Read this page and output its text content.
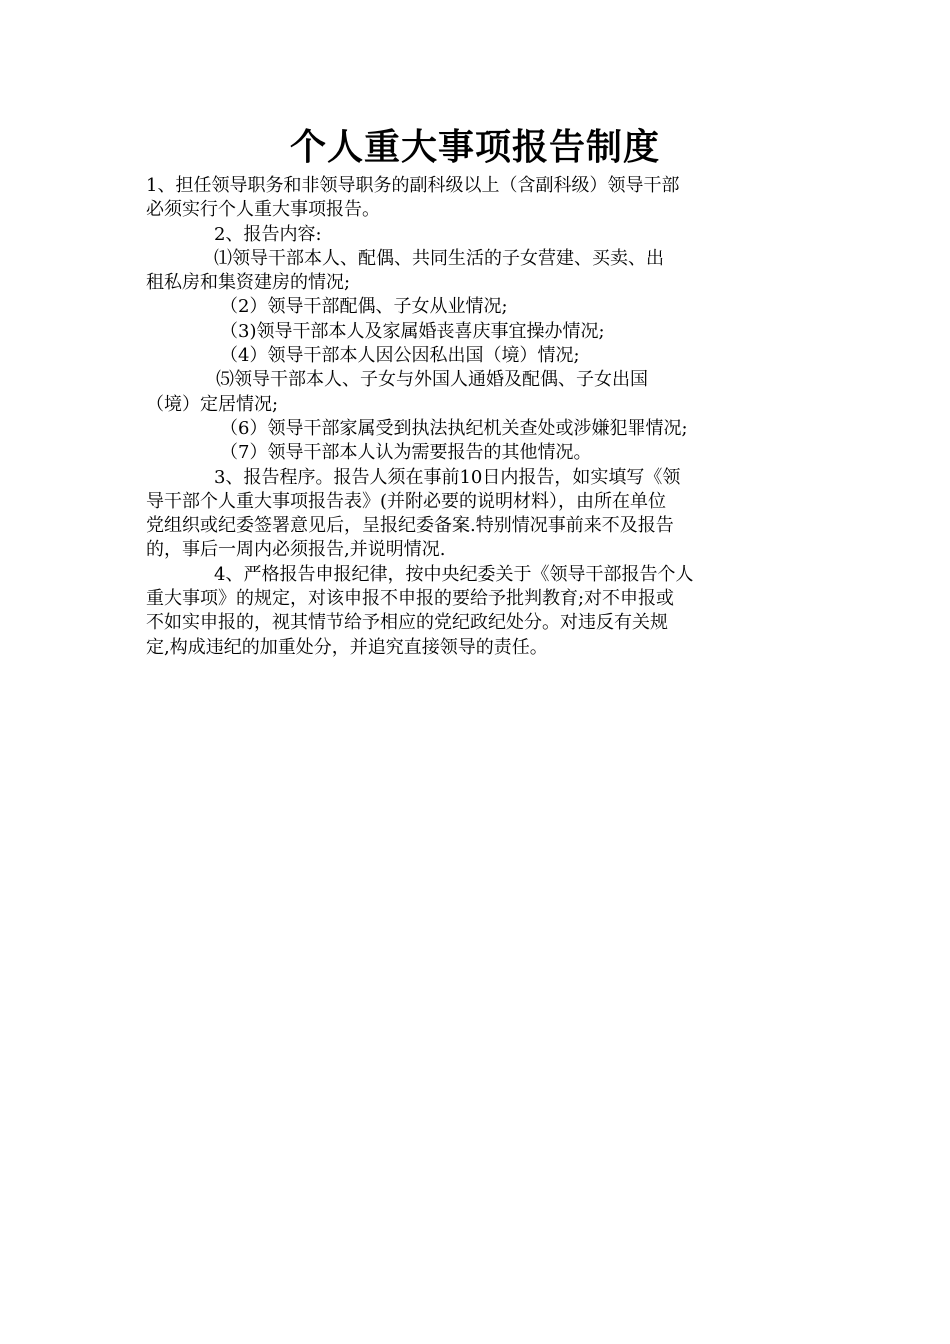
个人重大事项报告制度
1、担任领导职务和非领导职务的副科级以上（含副科级）领导干部
必须实行个人重大事项报告。
2、报告内容:
⑴领导干部本人、配偶、共同生活的子女营建、买卖、出
租私房和集资建房的情况;
（2）领导干部配偶、子女从业情况;
（3)领导干部本人及家属婚丧喜庆事宜操办情况;
（4）领导干部本人因公因私出国（境）情况;
⑸领导干部本人、子女与外国人通婚及配偶、子女出国
（境）定居情况;
（6）领导干部家属受到执法执纪机关查处或涉嫌犯罪情况;
（7）领导干部本人认为需要报告的其他情况。
3、报告程序。报告人须在事前10日内报告，如实填写《领
导干部个人重大事项报告表》(并附必要的说明材料），由所在单位
党组织或纪委签署意见后，呈报纪委备案.特别情况事前来不及报告
的，事后一周内必须报告,并说明情况.
4、严格报告申报纪律，按中央纪委关于《领导干部报告个人
重大事项》的规定，对该申报不申报的要给予批判教育;对不申报或
不如实申报的，视其情节给予相应的党纪政纪处分。对违反有关规
定,构成违纪的加重处分，并追究直接领导的责任。
